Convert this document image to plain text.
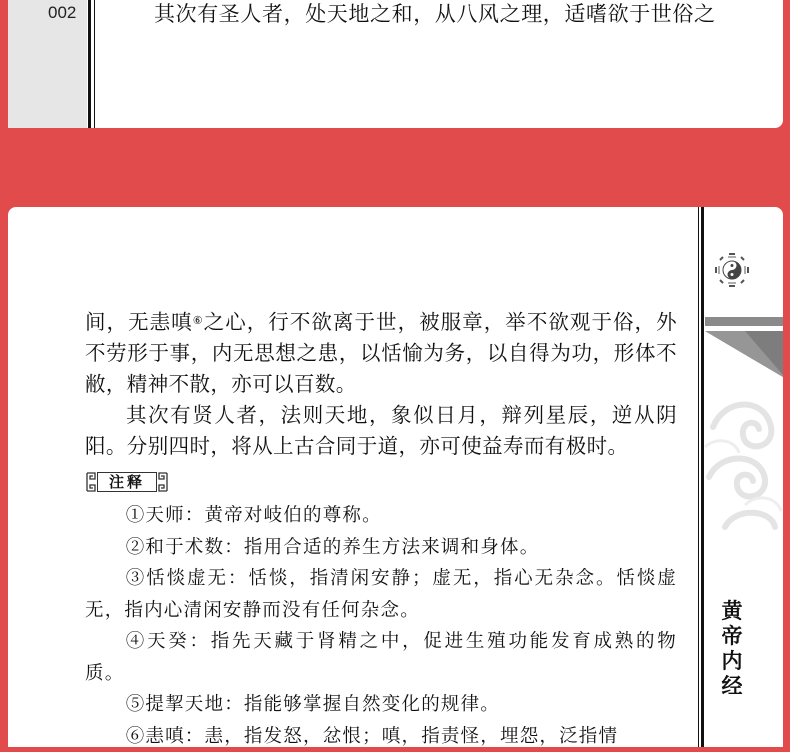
002	其次有圣人者，处天地之和，从八风之理，适嗜欲于世俗之
黄
帝
内
经

间，无恚嗔⑥之心，行不欲离于世，被服章，举不欲观于俗，外不劳形于事，内无思想之患，以恬愉为务，以自得为功，形体不敝，精神不散，亦可以百数。

其次有贤人者，法则天地，象似日月，辩列星辰，逆从阴阳。分别四时，将从上古合同于道，亦可使益寿而有极时。

注释

①天师：黄帝对岐伯的尊称。

②和于术数：指用合适的养生方法来调和身体。

③恬惔虚无：恬惔，指清闲安静；虚无，指心无杂念。恬惔虚无，指内心清闲安静而没有任何杂念。

④天癸：指先天藏于肾精之中，促进生殖功能发育成熟的物质。

⑤提挈天地：指能够掌握自然变化的规律。

⑥恚嗔：恚，指发怒，忿恨；嗔，指责怪，埋怨，泛指情
